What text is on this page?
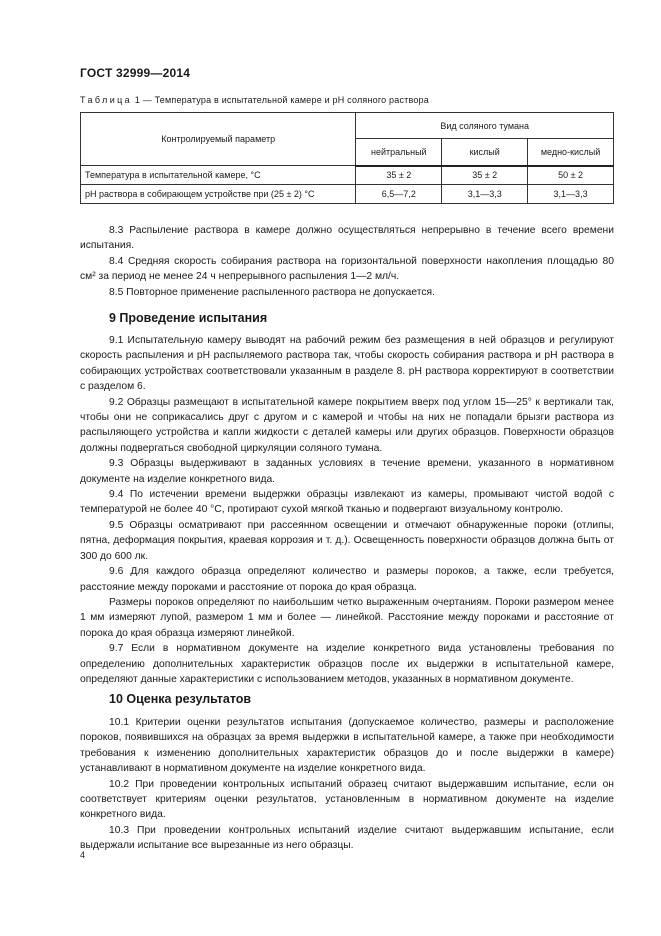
ГОСТ 32999—2014
Таблица 1 — Температура в испытательной камере и pH соляного раствора
Контролируемый параметр	Вид соляного тумана		
	нейтральный	кислый	медно-кислый
Температура в испытательной камере, °С	35 ± 2	35 ± 2	50 ± 2
pH раствора в собирающем устройстве при (25 ± 2) °С	6,5—7,2	3,1—3,3	3,1—3,3

8.3 Распыление раствора в камере должно осуществляться непрерывно в течение всего времени испытания.

8.4 Средняя скорость собирания раствора на горизонтальной поверхности накопления площадью 80 см² за период не менее 24 ч непрерывного распыления 1—2 мл/ч.

8.5 Повторное применение распыленного раствора не допускается.

9 Проведение испытания

9.1 Испытательную камеру выводят на рабочий режим без размещения в ней образцов и регулируют скорость распыления и pH распыляемого раствора так, чтобы скорость собирания раствора и pH раствора в собирающих устройствах соответствовали указанным в разделе 8. pH раствора корректируют в соответствии с разделом 6.

9.2 Образцы размещают в испытательной камере покрытием вверх под углом 15—25° к вертикали так, чтобы они не соприкасались друг с другом и с камерой и чтобы на них не попадали брызги раствора из распыляющего устройства и капли жидкости с деталей камеры или других образцов. Поверхности образцов должны подвергаться свободной циркуляции соляного тумана.

9.3 Образцы выдерживают в заданных условиях в течение времени, указанного в нормативном документе на изделие конкретного вида.

9.4 По истечении времени выдержки образцы извлекают из камеры, промывают чистой водой с температурой не более 40 °С, протирают сухой мягкой тканью и подвергают визуальному контролю.

9.5 Образцы осматривают при рассеянном освещении и отмечают обнаруженные пороки (отлипы, пятна, деформация покрытия, краевая коррозия и т. д.). Освещенность поверхности образцов должна быть от 300 до 600 лк.

9.6 Для каждого образца определяют количество и размеры пороков, а также, если требуется, расстояние между пороками и расстояние от порока до края образца.

Размеры пороков определяют по наибольшим четко выраженным очертаниям. Пороки размером менее 1 мм измеряют лупой, размером 1 мм и более — линейкой. Расстояние между пороками и расстояние от порока до края образца измеряют линейкой.

9.7 Если в нормативном документе на изделие конкретного вида установлены требования по определению дополнительных характеристик образцов после их выдержки в испытательной камере, определяют данные характеристики с использованием методов, указанных в нормативном документе.

10 Оценка результатов

10.1 Критерии оценки результатов испытания (допускаемое количество, размеры и расположение пороков, появившихся на образцах за время выдержки в испытательной камере, а также при необходимости требования к изменению дополнительных характеристик образцов до и после выдержки в камере) устанавливают в нормативном документе на изделие конкретного вида.

10.2 При проведении контрольных испытаний образец считают выдержавшим испытание, если он соответствует критериям оценки результатов, установленным в нормативном документе на изделие конкретного вида.

10.3 При проведении контрольных испытаний изделие считают выдержавшим испытание, если выдержали испытание все вырезанные из него образцы.

4
